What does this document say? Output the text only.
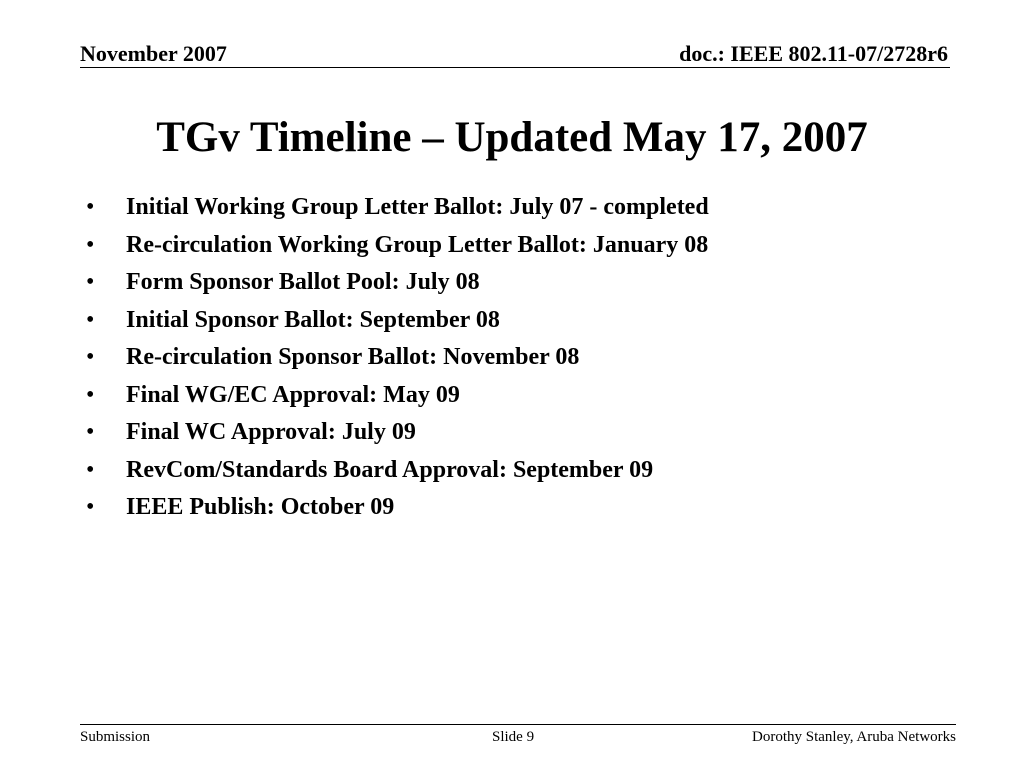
November 2007	doc.: IEEE 802.11-07/2728r6
TGv Timeline – Updated May 17, 2007
• Initial Working Group Letter Ballot: July 07 - completed
• Re-circulation Working Group Letter Ballot: January 08
• Form Sponsor Ballot Pool: July 08
• Initial Sponsor Ballot: September 08
• Re-circulation Sponsor Ballot: November 08
• Final WG/EC Approval: May 09
• Final WC Approval: July 09
• RevCom/Standards Board Approval: September 09
• IEEE Publish: October 09
Submission	Slide 9	Dorothy Stanley, Aruba Networks
